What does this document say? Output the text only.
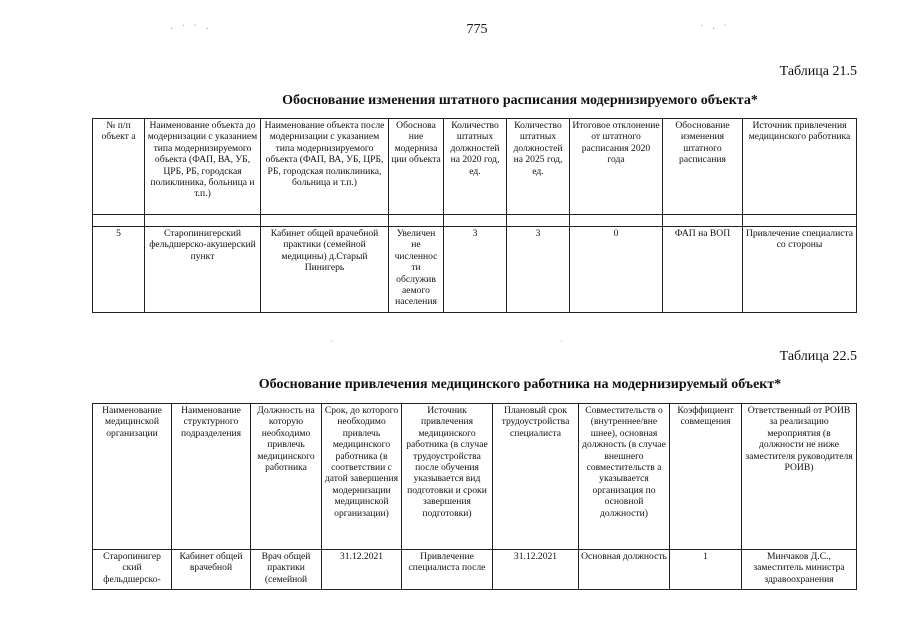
· ˙ ` ·	˙ · `
775
Таблица 21.5
Обоснование изменения штатного расписания модернизируемого объекта*
№ п/п объект а	Наименование объекта до модернизации с указанием типа модернизируемого объекта (ФАП, ВА, УБ, ЦРБ, РБ, городская поликлиника, больница и т.п.)	Наименование объекта после модернизации с указанием типа модернизируемого объекта (ФАП, ВА, УБ, ЦРБ, РБ, городская поликлиника, больница и т.п.)	Обоснова ние модерниза ции объекта	Количество штатных должностей на 2020 год, ед.	Количество штатных должностей на 2025 год, ед.	Итоговое отклонение от штатного расписания 2020 года	Обоснование изменения штатного расписания	Источник привлечения медицинского работника

5	Старопинигерский фельдшерско-акушерский пункт	Кабинет общей врачебной практики (семейной медицины) д.Старый Пинигерь	Увеличен не численнос ти обслужив аемого населения	3	3	0	ФАП на ВОП	Привлечение специалиста со стороны
·	·
Таблица 22.5
Обоснование привлечения медицинского работника на модернизируемый объект*
Наименование медицинской организации	Наименование структурного подразделения	Должность на которую необходимо привлечь медицинского работника	Срок, до которого необходимо привлечь медицинского работника (в соответствии с датой завершения модернизации медицинской организации)	Источник привлечения медицинского работника (в случае трудоустройства после обучения указывается вид подготовки и сроки завершения подготовки)	Плановый срок трудоустройства специалиста	Совместительств о (внутреннее/вне шнее), основная должность (в случае внешнего совместительств а указывается организация по основной должности)	Коэффициент совмещения	Ответственный от РОИВ за реализацию мероприятия (в должности не ниже заместителя руководителя РОИВ)
Старопинигер ский фельдшерско-	Кабинет общей врачебной	Врач общей практики (семейной	31.12.2021	Привлечение специалиста после	31.12.2021	Основная должность	1	Минчаков Д.С., заместитель министра здравоохранения
